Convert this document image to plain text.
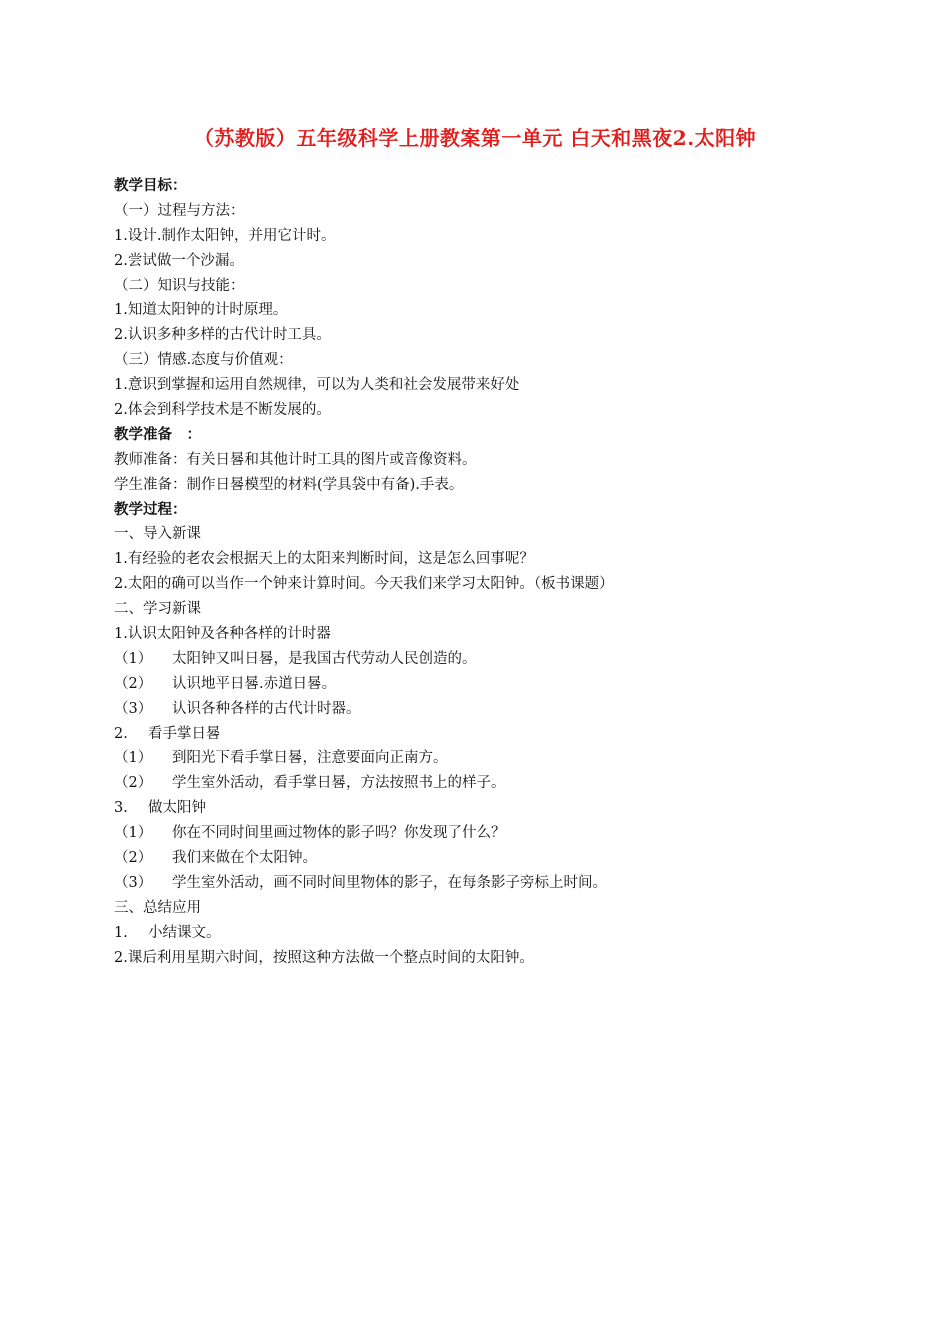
（苏教版）五年级科学上册教案第一单元 白天和黑夜2.太阳钟
教学目标：
（一）过程与方法：
1.设计.制作太阳钟，并用它计时。
2.尝试做一个沙漏。
（二）知识与技能：
1.知道太阳钟的计时原理。
2.认识多种多样的古代计时工具。
（三）情感.态度与价值观：
1.意识到掌握和运用自然规律，可以为人类和社会发展带来好处
2.体会到科学技术是不断发展的。
教学准备　：
教师准备：有关日晷和其他计时工具的图片或音像资料。
学生准备：制作日晷模型的材料(学具袋中有备).手表。
教学过程：
一、导入新课
1.有经验的老农会根据天上的太阳来判断时间，这是怎么回事呢？
2.太阳的确可以当作一个钟来计算时间。今天我们来学习太阳钟。（板书课题）
二、学习新课
1.认识太阳钟及各种各样的计时器
（1） 太阳钟又叫日晷，是我国古代劳动人民创造的。
（2） 认识地平日晷.赤道日晷。
（3） 认识各种各样的古代计时器。
2. 看手掌日晷
（1） 到阳光下看手掌日晷，注意要面向正南方。
（2） 学生室外活动，看手掌日晷，方法按照书上的样子。
3. 做太阳钟
（1） 你在不同时间里画过物体的影子吗？你发现了什么？
（2） 我们来做在个太阳钟。
（3） 学生室外活动，画不同时间里物体的影子，在每条影子旁标上时间。
三、总结应用
1. 小结课文。
2.课后利用星期六时间，按照这种方法做一个整点时间的太阳钟。
